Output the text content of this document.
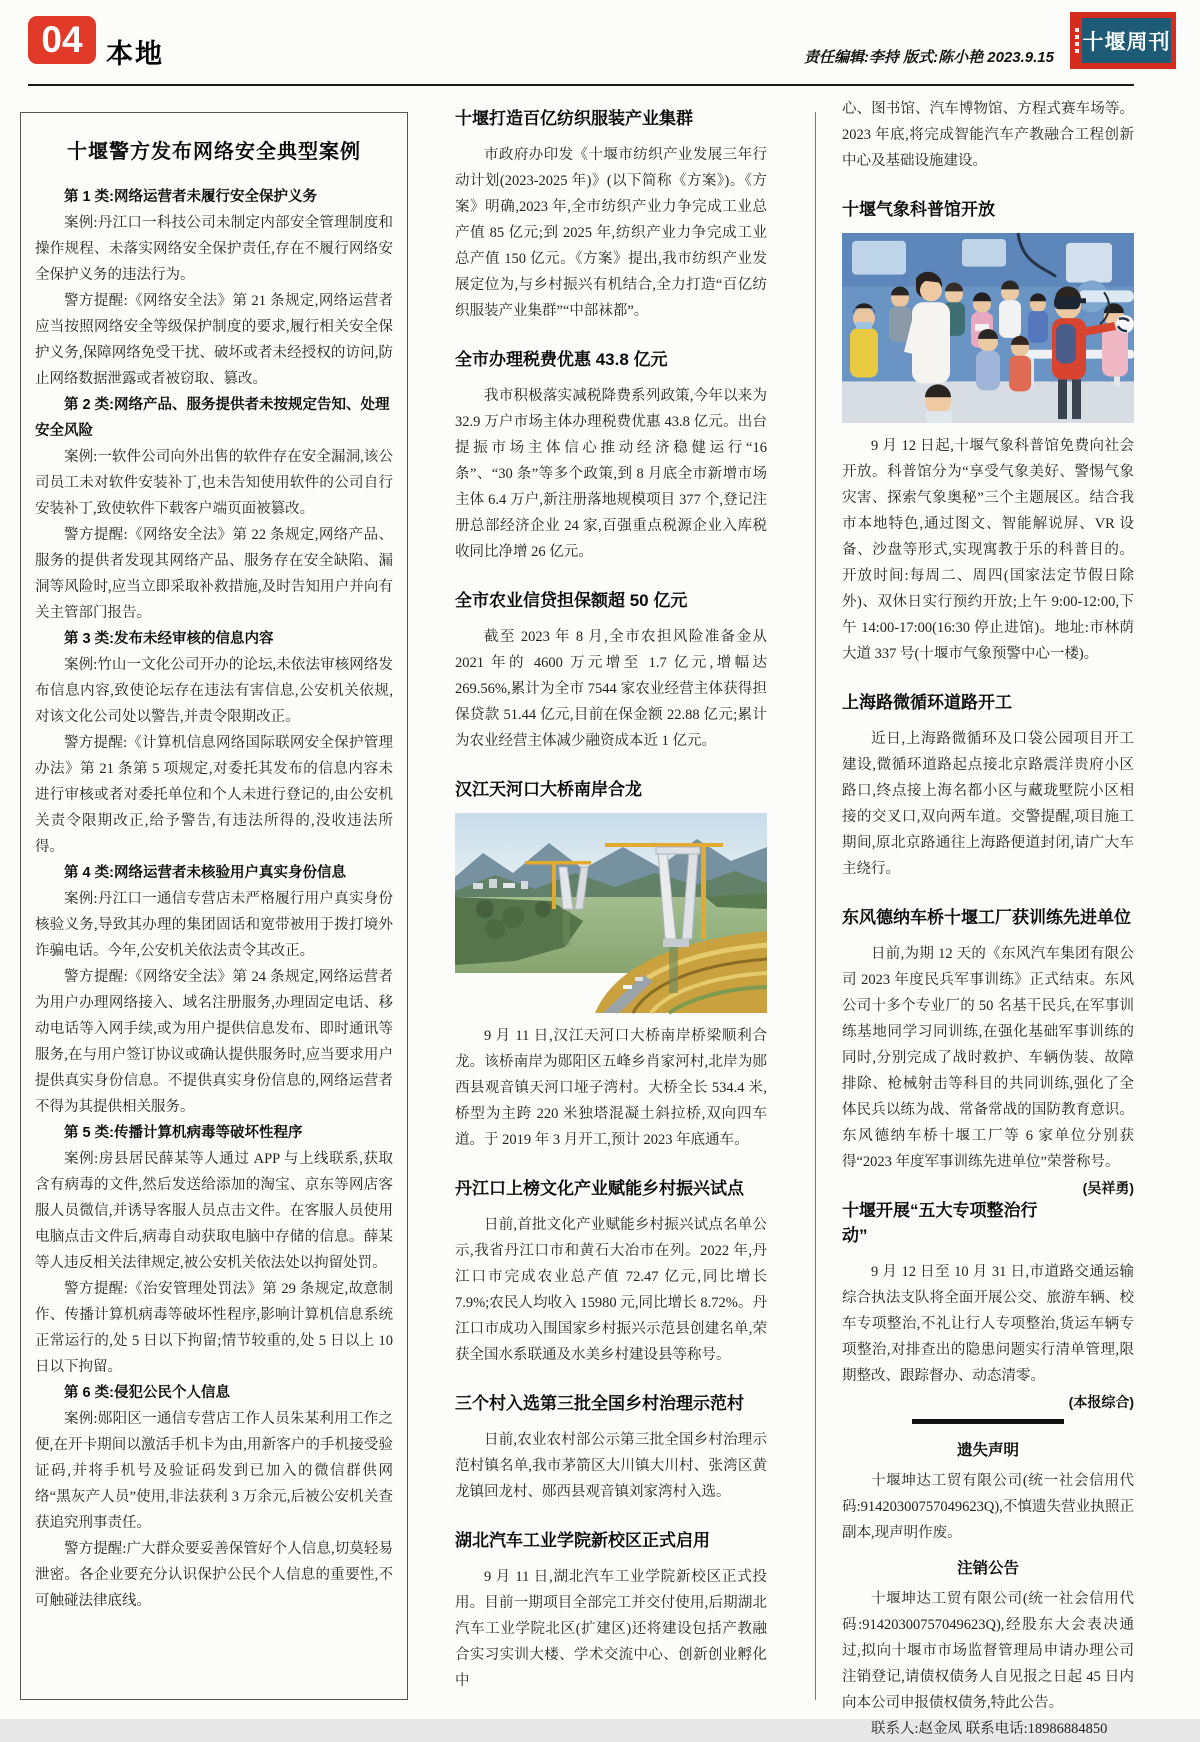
04 本地	责任编辑:李持 版式:陈小艳 2023.9.15
十堰周刊
十堰警方发布网络安全典型案例

第 1 类:网络运营者未履行安全保护义务

案例:丹江口一科技公司未制定内部安全管理制度和操作规程、未落实网络安全保护责任,存在不履行网络安全保护义务的违法行为。

警方提醒:《网络安全法》第 21 条规定,网络运营者应当按照网络安全等级保护制度的要求,履行相关安全保护义务,保障网络免受干扰、破坏或者未经授权的访问,防止网络数据泄露或者被窃取、篡改。

第 2 类:网络产品、服务提供者未按规定告知、处理安全风险

案例:一软件公司向外出售的软件存在安全漏洞,该公司员工未对软件安装补丁,也未告知使用软件的公司自行安装补丁,致使软件下载客户端页面被篡改。

警方提醒:《网络安全法》第 22 条规定,网络产品、服务的提供者发现其网络产品、服务存在安全缺陷、漏洞等风险时,应当立即采取补救措施,及时告知用户并向有关主管部门报告。

第 3 类:发布未经审核的信息内容

案例:竹山一文化公司开办的论坛,未依法审核网络发布信息内容,致使论坛存在违法有害信息,公安机关依规,对该文化公司处以警告,并责令限期改正。

警方提醒:《计算机信息网络国际联网安全保护管理办法》第 21 条第 5 项规定,对委托其发布的信息内容未进行审核或者对委托单位和个人未进行登记的,由公安机关责令限期改正,给予警告,有违法所得的,没收违法所得。

第 4 类:网络运营者未核验用户真实身份信息

案例:丹江口一通信专营店未严格履行用户真实身份核验义务,导致其办理的集团固话和宽带被用于拨打境外诈骗电话。今年,公安机关依法责令其改正。

警方提醒:《网络安全法》第 24 条规定,网络运营者为用户办理网络接入、域名注册服务,办理固定电话、移动电话等入网手续,或为用户提供信息发布、即时通讯等服务,在与用户签订协议或确认提供服务时,应当要求用户提供真实身份信息。不提供真实身份信息的,网络运营者不得为其提供相关服务。

第 5 类:传播计算机病毒等破坏性程序

案例:房县居民薛某等人通过 APP 与上线联系,获取含有病毒的文件,然后发送给添加的淘宝、京东等网店客服人员微信,并诱导客服人员点击文件。在客服人员使用电脑点击文件后,病毒自动获取电脑中存储的信息。薛某等人违反相关法律规定,被公安机关依法处以拘留处罚。

警方提醒:《治安管理处罚法》第 29 条规定,故意制作、传播计算机病毒等破坏性程序,影响计算机信息系统正常运行的,处 5 日以下拘留;情节较重的,处 5 日以上 10 日以下拘留。

第 6 类:侵犯公民个人信息

案例:郧阳区一通信专营店工作人员朱某利用工作之便,在开卡期间以激活手机卡为由,用新客户的手机接受验证码,并将手机号及验证码发到已加入的微信群供网络“黑灰产人员”使用,非法获利 3 万余元,后被公安机关查获追究刑事责任。

警方提醒:广大群众要妥善保管好个人信息,切莫轻易泄密。各企业要充分认识保护公民个人信息的重要性,不可触碰法律底线。

十堰打造百亿纺织服装产业集群

市政府办印发《十堰市纺织产业发展三年行动计划(2023-2025 年)》(以下简称《方案》)。《方案》明确,2023 年,全市纺织产业力争完成工业总产值 85 亿元;到 2025 年,纺织产业力争完成工业总产值 150 亿元。《方案》提出,我市纺织产业发展定位为,与乡村振兴有机结合,全力打造“百亿纺织服装产业集群”“中部袜都”。

全市办理税费优惠 43.8 亿元

我市积极落实减税降费系列政策,今年以来为 32.9 万户市场主体办理税费优惠 43.8 亿元。出台提振市场主体信心推动经济稳健运行“16 条”、“30 条”等多个政策,到 8 月底全市新增市场主体 6.4 万户,新注册落地规模项目 377 个,登记注册总部经济企业 24 家,百强重点税源企业入库税收同比净增 26 亿元。

全市农业信贷担保额超 50 亿元

截至 2023 年 8 月,全市农担风险准备金从 2021 年的 4600 万元增至 1.7 亿元,增幅达 269.56%,累计为全市 7544 家农业经营主体获得担保贷款 51.44 亿元,目前在保金额 22.88 亿元;累计为农业经营主体减少融资成本近 1 亿元。

汉江天河口大桥南岸合龙

9 月 11 日,汉江天河口大桥南岸桥梁顺利合龙。该桥南岸为郧阳区五峰乡肖家河村,北岸为郧西县观音镇天河口垭子湾村。大桥全长 534.4 米,桥型为主跨 220 米独塔混凝土斜拉桥,双向四车道。于 2019 年 3 月开工,预计 2023 年底通车。

丹江口上榜文化产业赋能乡村振兴试点

日前,首批文化产业赋能乡村振兴试点名单公示,我省丹江口市和黄石大冶市在列。2022 年,丹江口市完成农业总产值 72.47 亿元,同比增长 7.9%;农民人均收入 15980 元,同比增长 8.72%。丹江口市成功入围国家乡村振兴示范县创建名单,荣获全国水系联通及水美乡村建设县等称号。

三个村入选第三批全国乡村治理示范村

日前,农业农村部公示第三批全国乡村治理示范村镇名单,我市茅箭区大川镇大川村、张湾区黄龙镇回龙村、郧西县观音镇刘家湾村入选。

湖北汽车工业学院新校区正式启用

9 月 11 日,湖北汽车工业学院新校区正式投用。目前一期项目全部完工并交付使用,后期湖北汽车工业学院北区(扩建区)还将建设包括产教融合实习实训大楼、学术交流中心、创新创业孵化中

心、图书馆、汽车博物馆、方程式赛车场等。2023 年底,将完成智能汽车产教融合工程创新中心及基础设施建设。

十堰气象科普馆开放

9 月 12 日起,十堰气象科普馆免费向社会开放。科普馆分为“享受气象美好、警惕气象灾害、探索气象奥秘”三个主题展区。结合我市本地特色,通过图文、智能解说屏、VR 设备、沙盘等形式,实现寓教于乐的科普目的。开放时间:每周二、周四(国家法定节假日除外)、双休日实行预约开放;上午 9:00-12:00,下午 14:00-17:00(16:30 停止进馆)。地址:市林荫大道 337 号(十堰市气象预警中心一楼)。

上海路微循环道路开工

近日,上海路微循环及口袋公园项目开工建设,微循环道路起点接北京路震洋贵府小区路口,终点接上海名都小区与藏珑墅院小区相接的交叉口,双向两车道。交警提醒,项目施工期间,原北京路通往上海路便道封闭,请广大车主绕行。

东风德纳车桥十堰工厂获训练先进单位

日前,为期 12 天的《东风汽车集团有限公司 2023 年度民兵军事训练》正式结束。东风公司十多个专业厂的 50 名基干民兵,在军事训练基地同学习同训练,在强化基础军事训练的同时,分别完成了战时救护、车辆伪装、故障排除、枪械射击等科目的共同训练,强化了全体民兵以练为战、常备常战的国防教育意识。东风德纳车桥十堰工厂等 6 家单位分别获得“2023 年度军事训练先进单位”荣誉称号。
(吴祥勇)

十堰开展“五大专项整治行动”

9 月 12 日至 10 月 31 日,市道路交通运输综合执法支队将全面开展公交、旅游车辆、校车专项整治,不礼让行人专项整治,货运车辆专项整治,对排查出的隐患问题实行清单管理,限期整改、跟踪督办、动态清零。
(本报综合)

遗失声明

十堰坤达工贸有限公司(统一社会信用代码:91420300757049623Q),不慎遗失营业执照正副本,现声明作废。

注销公告

十堰坤达工贸有限公司(统一社会信用代码:91420300757049623Q),经股东大会表决通过,拟向十堰市市场监督管理局申请办理公司注销登记,请债权债务人自见报之日起 45 日内向本公司申报债权债务,特此公告。

联系人:赵金凤 联系电话:18986884850
